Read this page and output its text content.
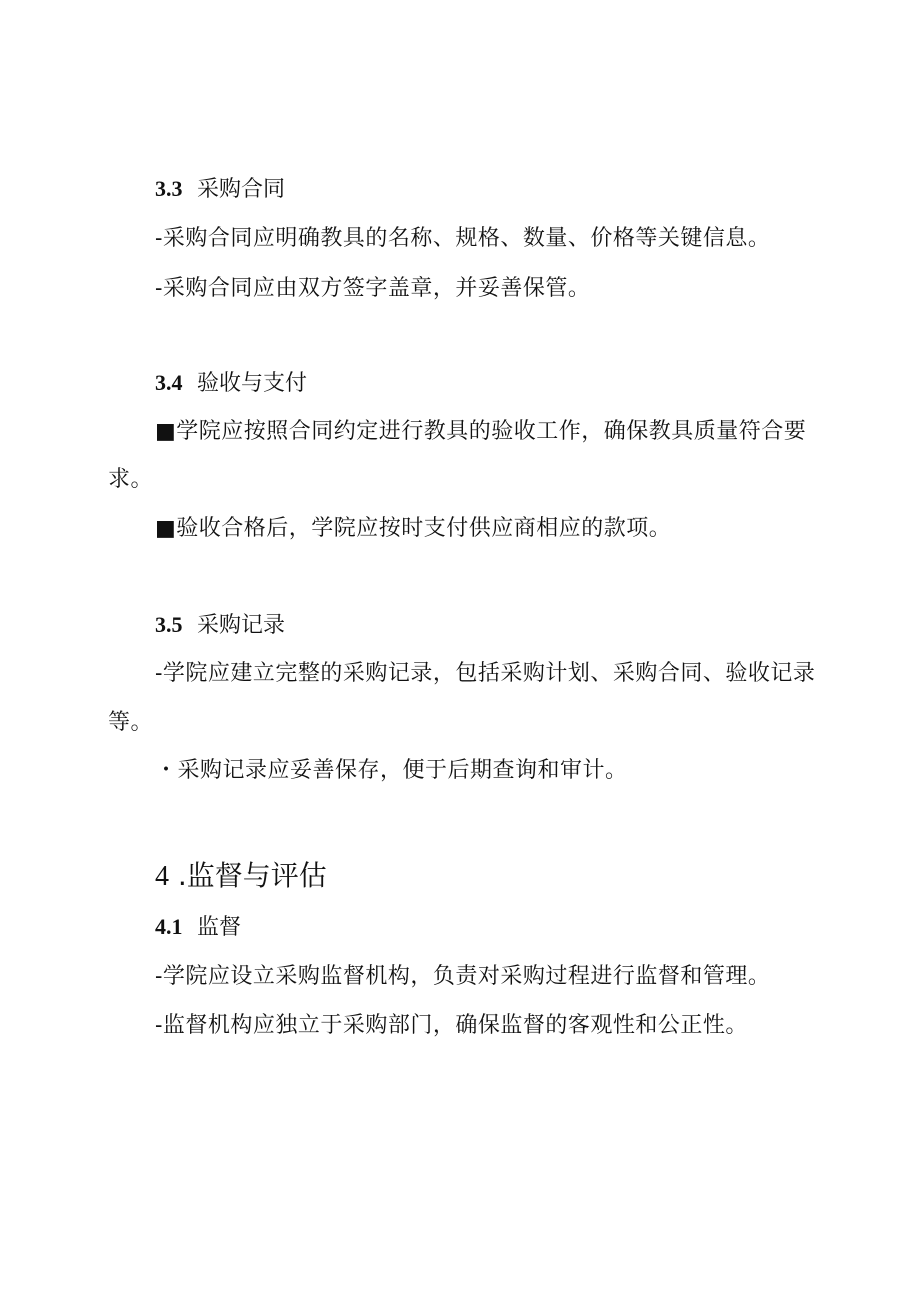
3.3 采购合同
-采购合同应明确教具的名称、规格、数量、价格等关键信息。
-采购合同应由双方签字盖章，并妥善保管。
3.4 验收与支付
■学院应按照合同约定进行教具的验收工作，确保教具质量符合要
求。
■验收合格后，学院应按时支付供应商相应的款项。
3.5 采购记录
-学院应建立完整的采购记录，包括采购计划、采购合同、验收记录
等。
・采购记录应妥善保存，便于后期查询和审计。
4 .监督与评估
4.1 监督
-学院应设立采购监督机构，负责对采购过程进行监督和管理。
-监督机构应独立于采购部门，确保监督的客观性和公正性。
